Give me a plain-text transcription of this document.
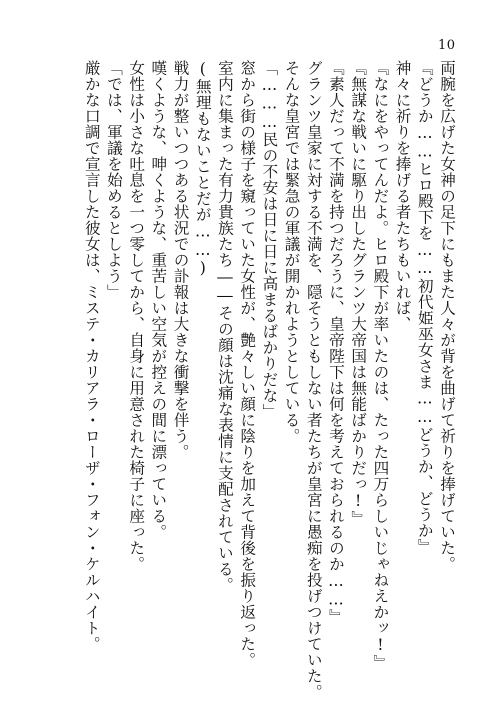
10
両腕を広げた女神の足下にもまた人々が背を曲げて祈りを捧げていた。
『どうか……ヒロ殿下を……初代姫巫女さま……どうか、どうか』
神々に祈りを捧げる者たちもいれば、
『なにをやってんだよ。ヒロ殿下が率いたのは、たった四万らしいじゃねえかッ!』
『無謀な戦いに駆り出したグランツ大帝国は無能ばかりだっ!』
『素人だって不満を持つだろうに、皇帝陛下は何を考えておられるのか……』
グランツ皇家に対する不満を、隠そうともしない者たちが皇宮に愚痴を投げつけていた。
そんな皇宮では緊急の軍議が開かれようとしている。
「………民の不安は日に日に高まるばかりだな」
窓から街の様子を窺っていた女性が、艶々しい顔に陰りを加えて背後を振り返った。
室内に集まった有力貴族たち――その顔は沈痛な表情に支配されている。
(無理もないことだが……)
戦力が整いつつある状況での訃報は大きな衝撃を伴う。
嘆くような、呻くような、重苦しい空気が控えの間に漂っている。
女性は小さな吐息を一つ零してから、自身に用意された椅子に座った。
「では、軍議を始めるとしよう」
厳かな口調で宣言した彼女は、ミステ・カリアラ・ローザ・フォン・ケルハイト。
